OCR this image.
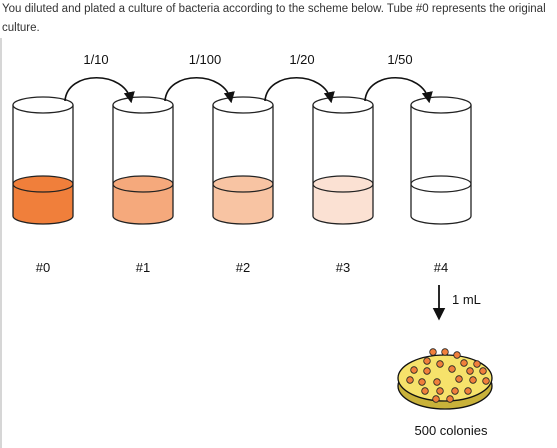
You diluted and plated a culture of bacteria according to the scheme below. Tube #0 represents the original culture.

1/10	1/100	1/20	1/50
#0	#1	#2	#3	#4
1 mL
500 colonies
